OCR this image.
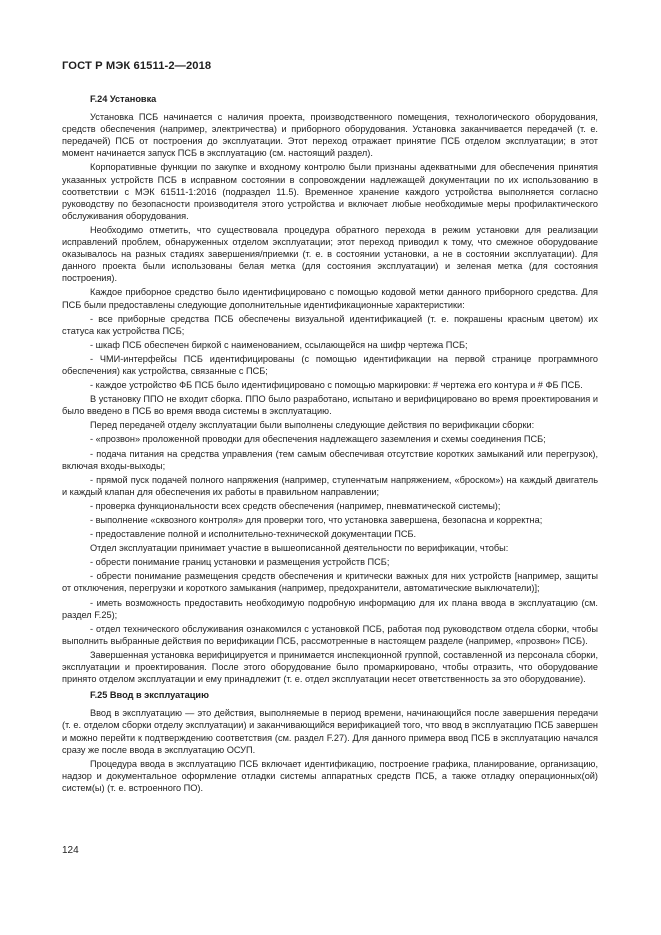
ГОСТ Р МЭК 61511-2—2018
F.24 Установка

Установка ПСБ начинается с наличия проекта, производственного помещения, технологического оборудования, средств обеспечения (например, электричества) и приборного оборудования. Установка заканчивается передачей (т. е. передачей) ПСБ от построения до эксплуатации. Этот переход отражает принятие ПСБ отделом эксплуатации; в этот момент начинается запуск ПСБ в эксплуатацию (см. настоящий раздел).

Корпоративные функции по закупке и входному контролю были признаны адекватными для обеспечения принятия указанных устройств ПСБ в исправном состоянии в сопровождении надлежащей документации по их использованию в соответствии с МЭК 61511-1:2016 (подраздел 11.5). Временное хранение каждого устройства выполняется согласно руководству по безопасности производителя этого устройства и включает любые необходимые меры профилактического обслуживания оборудования.

Необходимо отметить, что существовала процедура обратного перехода в режим установки для реализации исправлений проблем, обнаруженных отделом эксплуатации; этот переход приводил к тому, что смежное оборудование оказывалось на разных стадиях завершения/приемки (т. е. в состоянии установки, а не в состоянии эксплуатации). Для данного проекта были использованы белая метка (для состояния эксплуатации) и зеленая метка (для состояния построения).

Каждое приборное средство было идентифицировано с помощью кодовой метки данного приборного средства. Для ПСБ были предоставлены следующие дополнительные идентификационные характеристики:

- все приборные средства ПСБ обеспечены визуальной идентификацией (т. е. покрашены красным цветом) их статуса как устройства ПСБ;

- шкаф ПСБ обеспечен биркой с наименованием, ссылающейся на шифр чертежа ПСБ;

- ЧМИ-интерфейсы ПСБ идентифицированы (с помощью идентификации на первой странице программного обеспечения) как устройства, связанные с ПСБ;

- каждое устройство ФБ ПСБ было идентифицировано с помощью маркировки: # чертежа его контура и # ФБ ПСБ.

В установку ППО не входит сборка. ППО было разработано, испытано и верифицировано во время проектирования и было введено в ПСБ во время ввода системы в эксплуатацию.

Перед передачей отделу эксплуатации были выполнены следующие действия по верификации сборки:

- «прозвон» проложенной проводки для обеспечения надлежащего заземления и схемы соединения ПСБ;

- подача питания на средства управления (тем самым обеспечивая отсутствие коротких замыканий или перегрузок), включая входы-выходы;

- прямой пуск подачей полного напряжения (например, ступенчатым напряжением, «броском») на каждый двигатель и каждый клапан для обеспечения их работы в правильном направлении;

- проверка функциональности всех средств обеспечения (например, пневматической системы);

- выполнение «сквозного контроля» для проверки того, что установка завершена, безопасна и корректна;

- предоставление полной и исполнительно-технической документации ПСБ.

Отдел эксплуатации принимает участие в вышеописанной деятельности по верификации, чтобы:

- обрести понимание границ установки и размещения устройств ПСБ;

- обрести понимание размещения средств обеспечения и критически важных для них устройств [например, защиты от отключения, перегрузки и короткого замыкания (например, предохранители, автоматические выключатели)];

- иметь возможность предоставить необходимую подробную информацию для их плана ввода в эксплуатацию (см. раздел F.25);

- отдел технического обслуживания ознакомился с установкой ПСБ, работая под руководством отдела сборки, чтобы выполнить выбранные действия по верификации ПСБ, рассмотренные в настоящем разделе (например, «прозвон» ПСБ).

Завершенная установка верифицируется и принимается инспекционной группой, составленной из персонала сборки, эксплуатации и проектирования. После этого оборудование было промаркировано, чтобы отразить, что оборудование принято отделом эксплуатации и ему принадлежит (т. е. отдел эксплуатации несет ответственность за это оборудование).

F.25 Ввод в эксплуатацию

Ввод в эксплуатацию — это действия, выполняемые в период времени, начинающийся после завершения передачи (т. е. отделом сборки отделу эксплуатации) и заканчивающийся верификацией того, что ввод в эксплуатацию ПСБ завершен и можно перейти к подтверждению соответствия (см. раздел F.27). Для данного примера ввод ПСБ в эксплуатацию начался сразу же после ввода в эксплуатацию ОСУП.

Процедура ввода в эксплуатацию ПСБ включает идентификацию, построение графика, планирование, организацию, надзор и документальное оформление отладки системы аппаратных средств ПСБ, а также отладку операционных(ой) систем(ы) (т. е. встроенного ПО).

124
